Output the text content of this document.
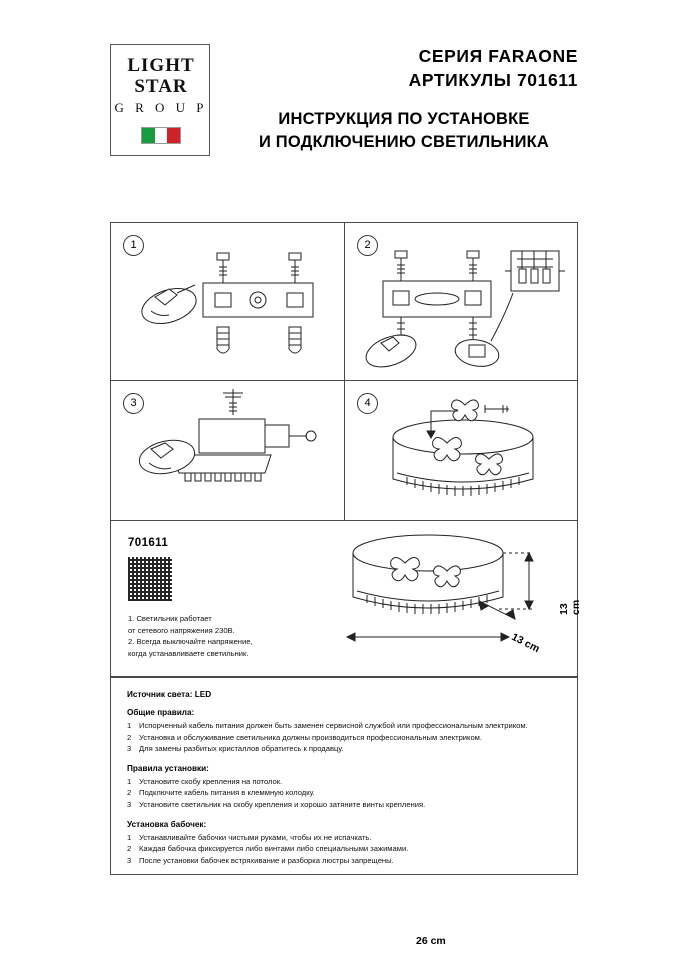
LIGHT
STAR
G R O U P
СЕРИЯ FARAONE
АРТИКУЛЫ 701611
ИНСТРУКЦИЯ ПО УСТАНОВКЕ
И ПОДКЛЮЧЕНИЮ СВЕТИЛЬНИКА
1	2
3	4
701611
1. Светильник работает
от сетевого напряжения 230В.
2. Всегда выключайте напряжение,
когда устанавливаете светильник.
26 cm
13 cm
13 cm
Источник света: LED
Общие правила:
1 Испорченный кабель питания должен быть заменен сервисной службой или профессиональным электриком.
2 Установка и обслуживание светильника должны производиться профессиональным электриком.
3 Для замены разбитых кристаллов обратитесь к продавцу.
Правила установки:
1 Установите скобу крепления на потолок.
2 Подключите кабель питания в клеммную колодку.
3 Установите светильник на скобу крепления и хорошо затяните винты крепления.
Установка бабочек:
1 Устанавливайте бабочки чистыми руками, чтобы их не испачкать.
2 Каждая бабочка фиксируется либо винтами либо специальными зажимами.
3 После установки бабочек встряхивание и разборка люстры запрещены.
